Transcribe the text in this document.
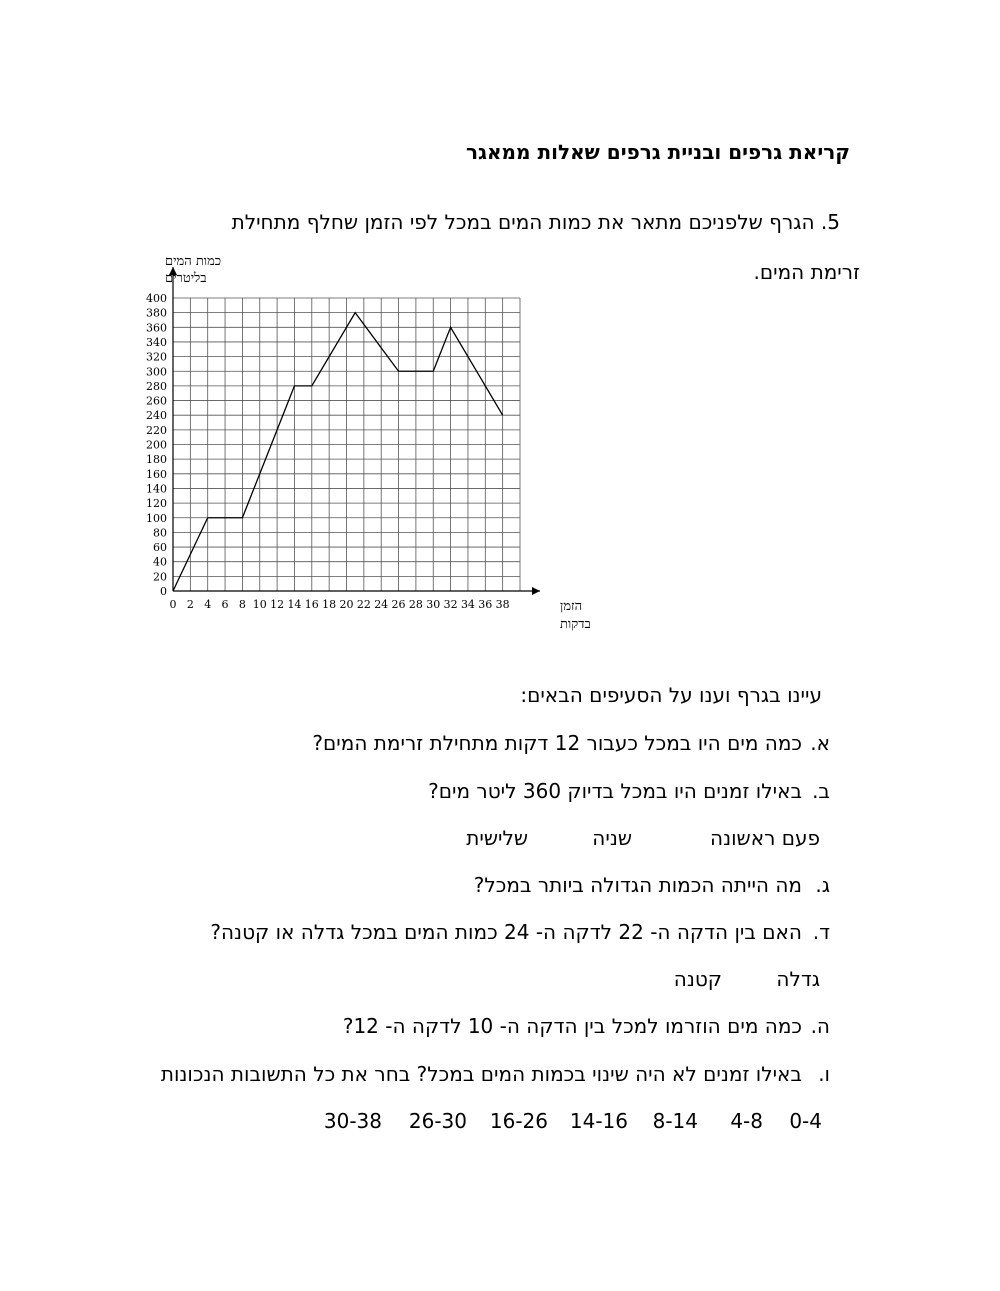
קריאת גרפים ובניית גרפים שאלות ממאגר
5. הגרף שלפניכם מתאר את כמות המים במכל לפי הזמן שחלף מתחילת
זרימת המים.
0
20
40
60
80
100
120
140
160
180
200
220
240
260
280
300
320
340
360
380
400
0 2 4 6 8 10 12 14 16 18 20 22 24 26 28 30 32 34 36 38
כמות המים
בליטרים
הזמן
בדקות
עיינו בגרף וענו על הסעיפים הבאים:
א.כמה מים היו במכל כעבור 12 דקות מתחילת זרימת המים?
ב.באילו זמנים היו במכל בדיוק 360 ליטר מים?
פעם ראשונה
שניה
שלישית
ג.מה הייתה הכמות הגדולה ביותר במכל?
ד.האם בין הדקה ה- 22 לדקה ה- 24 כמות המים במכל גדלה או קטנה?
גדלה
קטנה
ה.כמה מים הוזרמו למכל בין הדקה ה- 10 לדקה ה- 12?
ו.באילו זמנים לא היה שינוי בכמות המים במכל? בחר את כל התשובות הנכונות
0-4
4-8
8-14
14-16
16-26
26-30
30-38
